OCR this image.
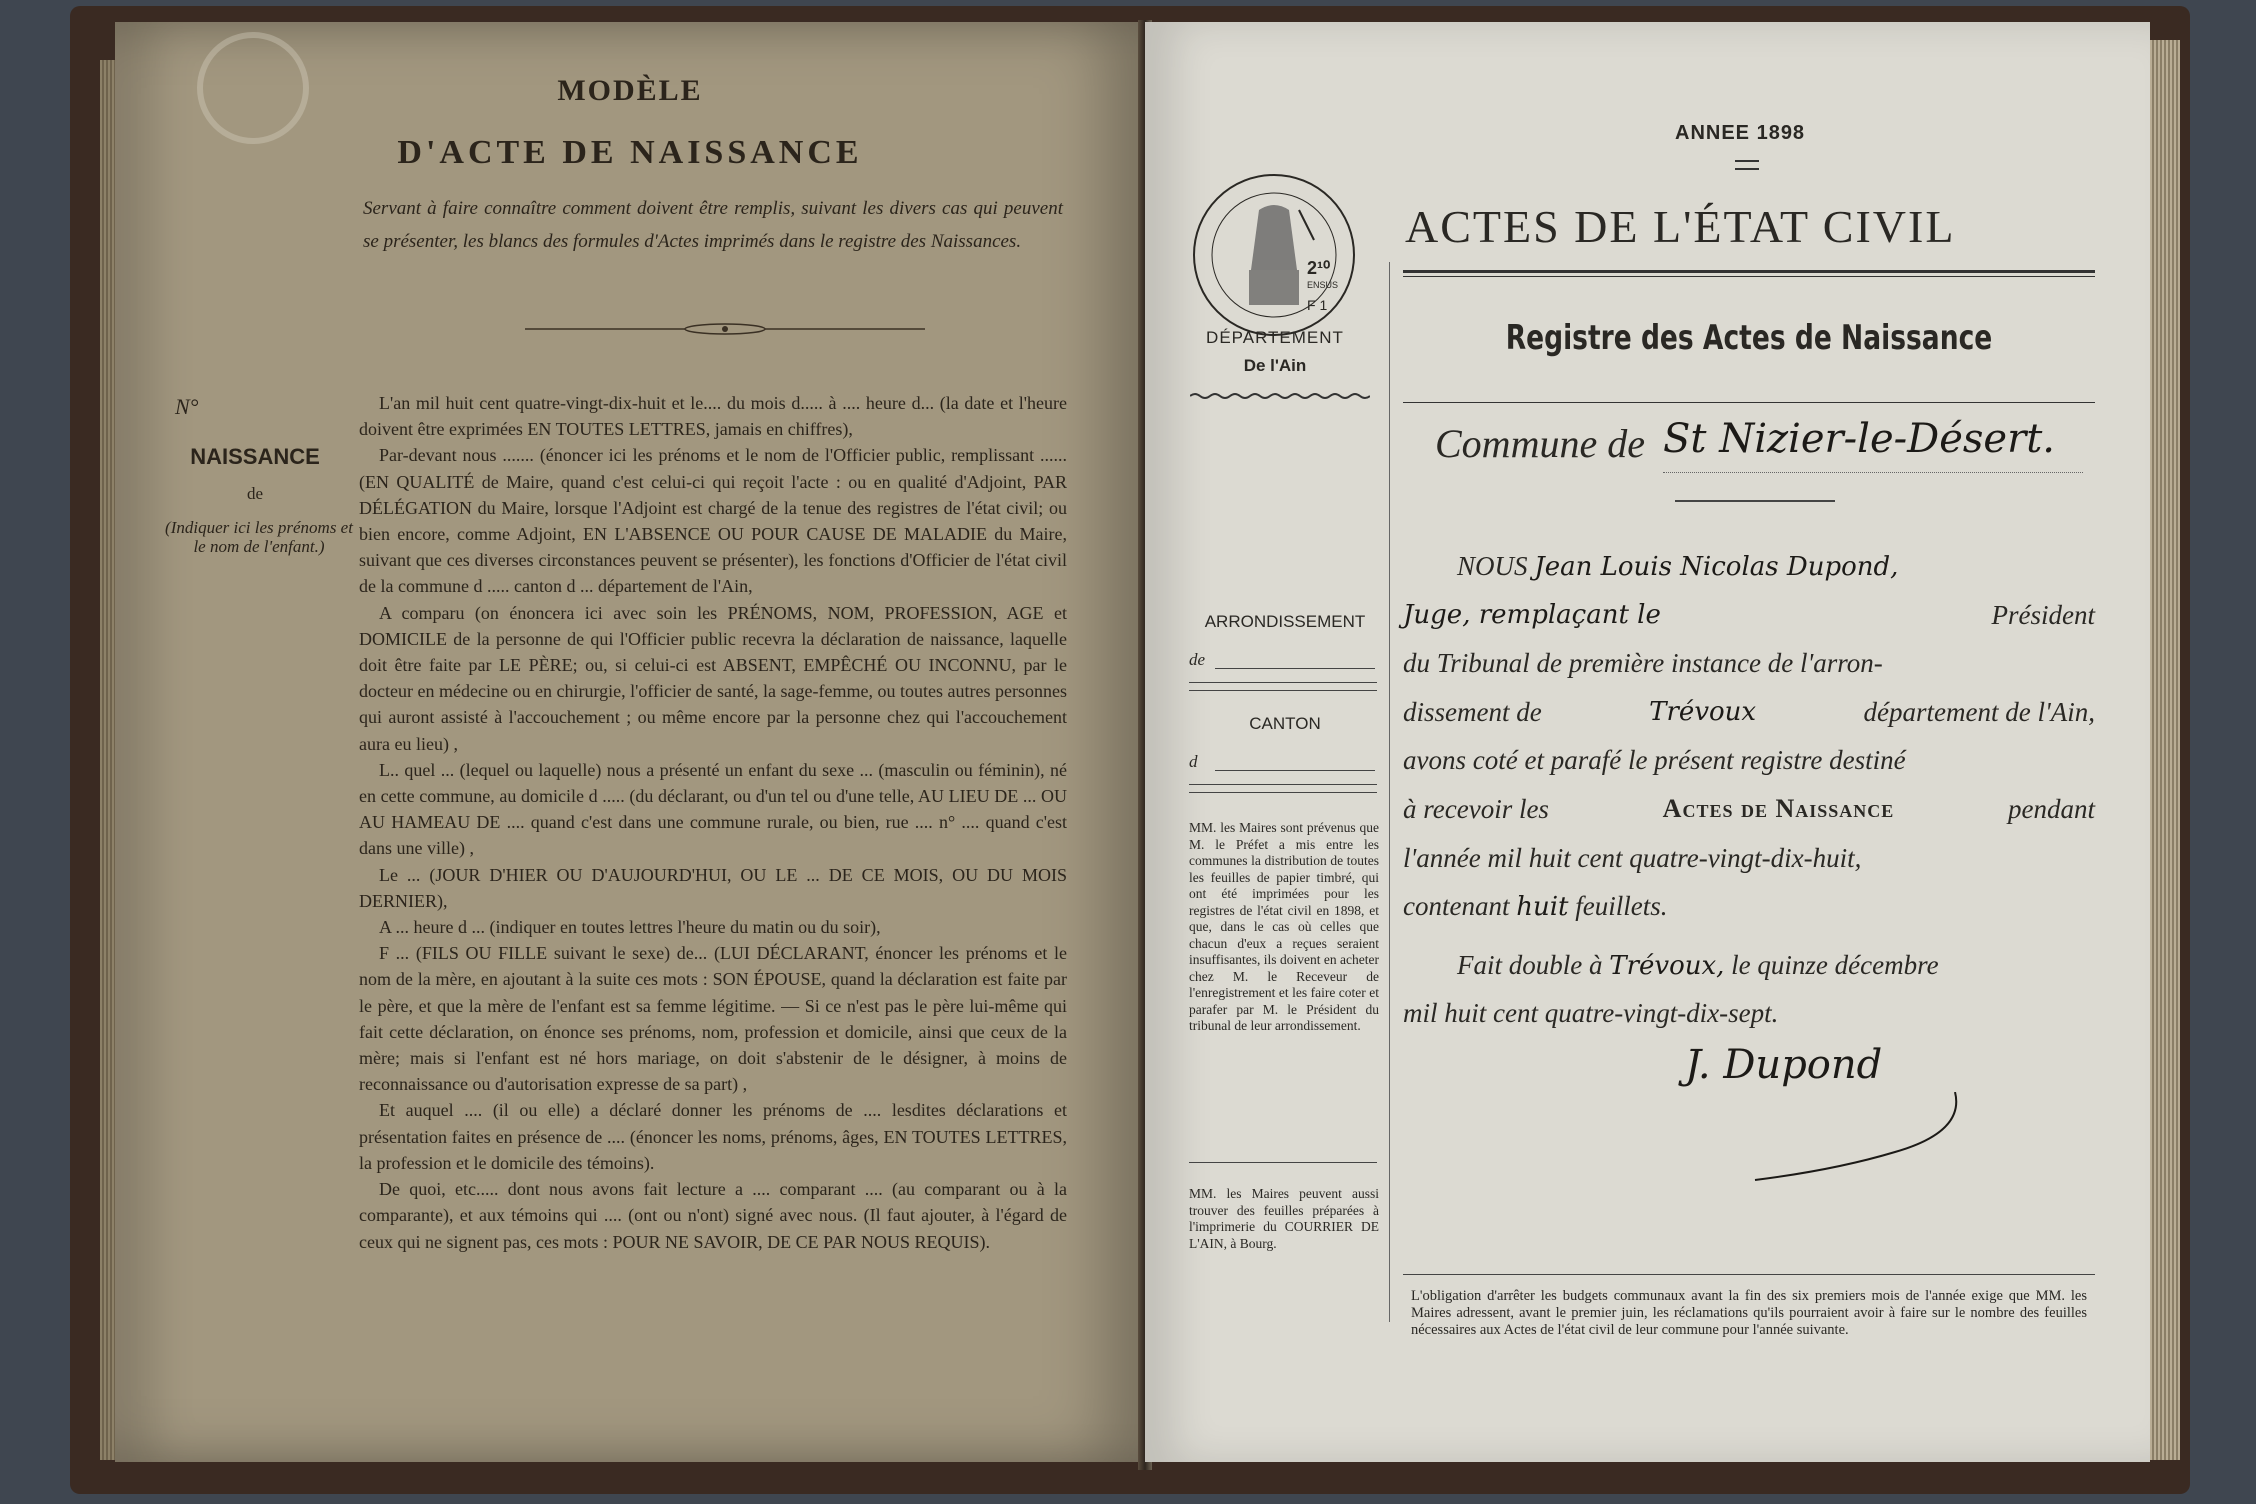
MODÈLE
D'ACTE DE NAISSANCE
Servant à faire connaître comment doivent être remplis, suivant les divers cas qui peuvent se présenter, les blancs des formules d'Actes imprimés dans le registre des Naissances.
N°
NAISSANCE
de
(Indiquer ici les prénoms et le nom de l'enfant.)

L'an mil huit cent quatre-vingt-dix-huit et le.... du mois d..... à .... heure d... (la date et l'heure doivent être exprimées EN TOUTES LETTRES, jamais en chiffres),

Par-devant nous ....... (énoncer ici les prénoms et le nom de l'Officier public, remplissant ...... (EN QUALITÉ de Maire, quand c'est celui-ci qui reçoit l'acte : ou en qualité d'Adjoint, PAR DÉLÉGATION du Maire, lorsque l'Adjoint est chargé de la tenue des registres de l'état civil; ou bien encore, comme Adjoint, EN L'ABSENCE OU POUR CAUSE DE MALADIE du Maire, suivant que ces diverses circonstances peuvent se présenter), les fonctions d'Officier de l'état civil de la commune d ..... canton d ... département de l'Ain,

A comparu (on énoncera ici avec soin les PRÉNOMS, NOM, PROFESSION, AGE et DOMICILE de la personne de qui l'Officier public recevra la déclaration de naissance, laquelle doit être faite par LE PÈRE; ou, si celui-ci est ABSENT, EMPÊCHÉ OU INCONNU, par le docteur en médecine ou en chirurgie, l'officier de santé, la sage-femme, ou toutes autres personnes qui auront assisté à l'accouchement ; ou même encore par la personne chez qui l'accouchement aura eu lieu) ,

L.. quel ... (lequel ou laquelle) nous a présenté un enfant du sexe ... (masculin ou féminin), né en cette commune, au domicile d ..... (du déclarant, ou d'un tel ou d'une telle, AU LIEU DE ... OU AU HAMEAU DE .... quand c'est dans une commune rurale, ou bien, rue .... n° .... quand c'est dans une ville) ,

Le ... (JOUR D'HIER OU D'AUJOURD'HUI, OU LE ... DE CE MOIS, OU DU MOIS DERNIER),

A ... heure d ... (indiquer en toutes lettres l'heure du matin ou du soir),

F ... (FILS OU FILLE suivant le sexe) de... (LUI DÉCLARANT, énoncer les prénoms et le nom de la mère, en ajoutant à la suite ces mots : SON ÉPOUSE, quand la déclaration est faite par le père, et que la mère de l'enfant est sa femme légitime. — Si ce n'est pas le père lui-même qui fait cette déclaration, on énonce ses prénoms, nom, profession et domicile, ainsi que ceux de la mère; mais si l'enfant est né hors mariage, on doit s'abstenir de le désigner, à moins de reconnaissance ou d'autorisation expresse de sa part) ,

Et auquel .... (il ou elle) a déclaré donner les prénoms de .... lesdites déclarations et présentation faites en présence de .... (énoncer les noms, prénoms, âges, EN TOUTES LETTRES, la profession et le domicile des témoins).

De quoi, etc..... dont nous avons fait lecture a .... comparant .... (au comparant ou à la comparante), et aux témoins qui .... (ont ou n'ont) signé avec nous. (Il faut ajouter, à l'égard de ceux qui ne signent pas, ces mots : POUR NE SAVOIR, DE CE PAR NOUS REQUIS).

ANNEE 1898
2¹⁰
ENSUS
F 1
DÉPARTEMENT
De l'Ain
ACTES DE L'ÉTAT CIVIL
Registre des Actes de Naissance
Commune de St Nizier-le-Désert.
ARRONDISSEMENT
de
CANTON
d
MM. les Maires sont prévenus que M. le Préfet a mis entre les communes la distribution de toutes les feuilles de papier timbré, qui ont été imprimées pour les registres de l'état civil en 1898, et que, dans le cas où celles que chacun d'eux a reçues seraient insuffisantes, ils doivent en acheter chez M. le Receveur de l'enregistrement et les faire coter et parafer par M. le Président du tribunal de leur arrondissement.
MM. les Maires peuvent aussi trouver des feuilles préparées à l'imprimerie du COURRIER DE L'AIN, à Bourg.
NOUS Jean Louis Nicolas Dupond,
Juge, remplaçant le	Président
du Tribunal de première instance de l'arron-
dissement de	Trévoux	département de l'Ain,
avons coté et parafé le présent registre destiné
à recevoir les	Actes de Naissance	pendant
l'année mil huit cent quatre-vingt-dix-huit,
contenant huit feuillets.
Fait double à Trévoux, le quinze décembre
mil huit cent quatre-vingt-dix-sept.
J. Dupond
L'obligation d'arrêter les budgets communaux avant la fin des six premiers mois de l'année exige que MM. les Maires adressent, avant le premier juin, les réclamations qu'ils pourraient avoir à faire sur le nombre des feuilles nécessaires aux Actes de l'état civil de leur commune pour l'année suivante.
